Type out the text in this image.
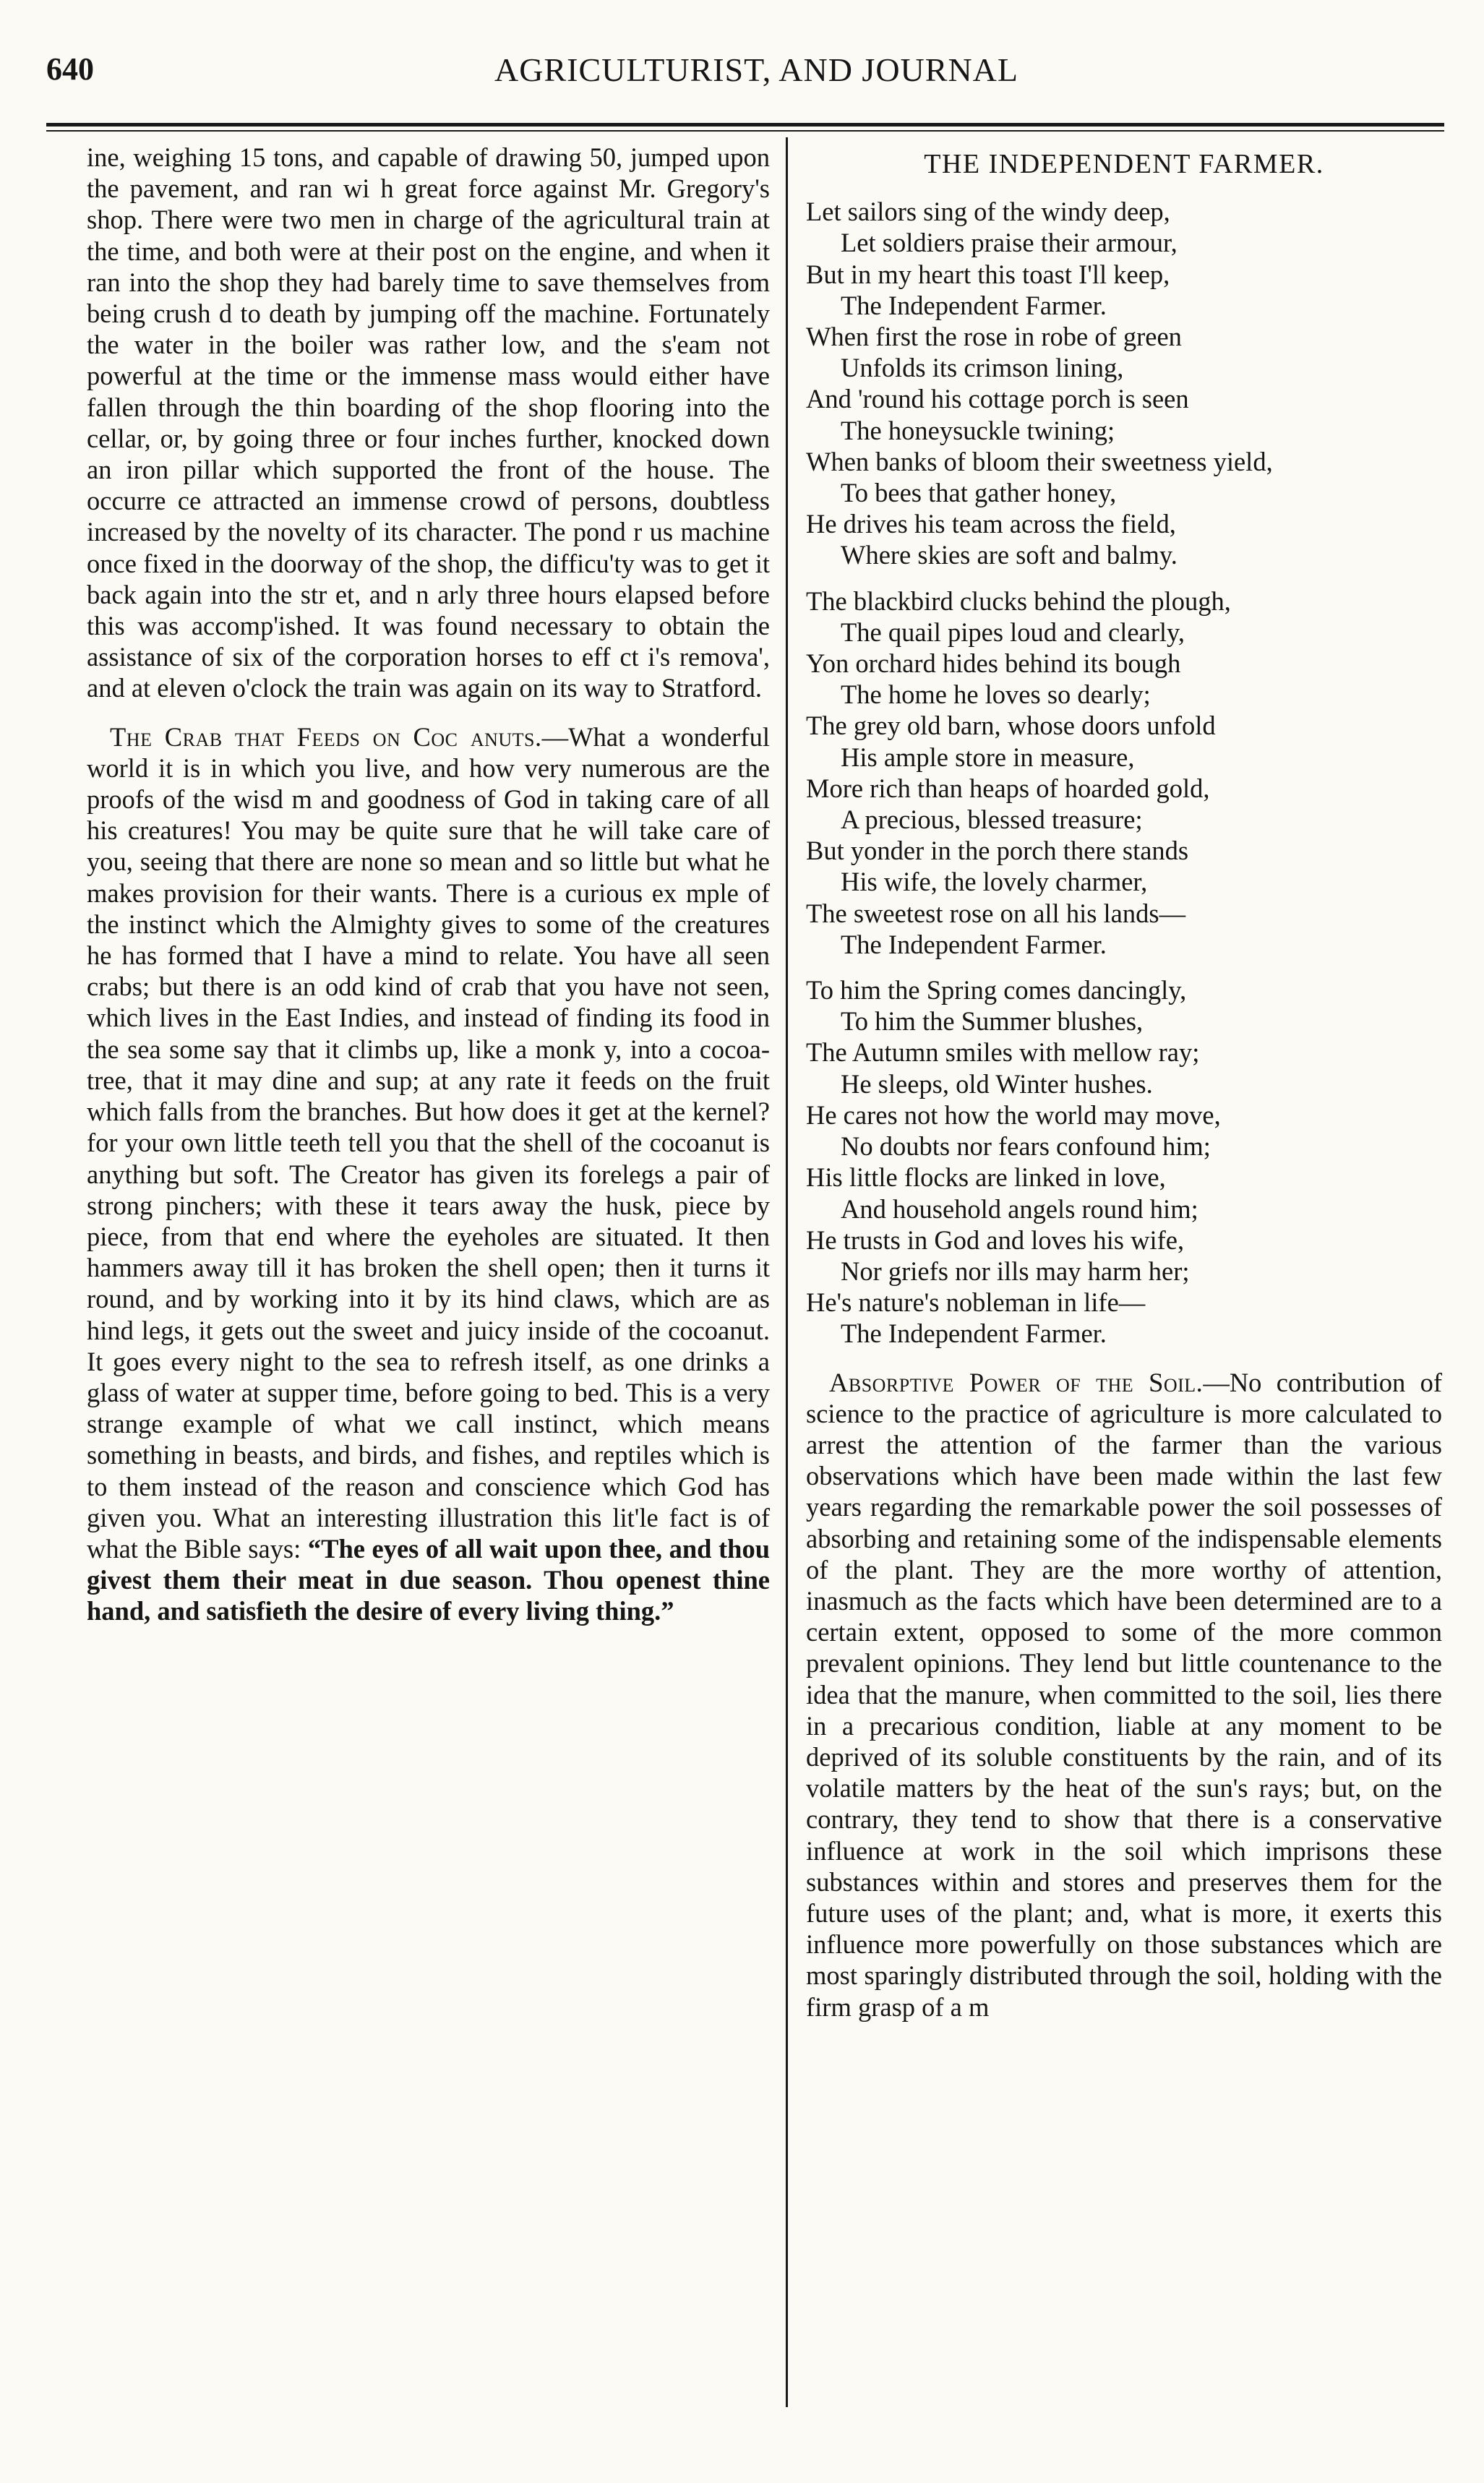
640	AGRICULTURIST, AND JOURNAL

ine, weighing 15 tons, and capable of drawing 50, jumped upon the pavement, and ran wi h great force against Mr. Gregory's shop. There were two men in charge of the agricultural train at the time, and both were at their post on the engine, and when it ran into the shop they had barely time to save themselves from being crush d to death by jumping off the machine. Fortunately the water in the boiler was rather low, and the s'eam not powerful at the time or the immense mass would either have fallen through the thin boarding of the shop flooring into the cellar, or, by going three or four inches further, knocked down an iron pillar which supported the front of the house. The occurre ce attracted an immense crowd of persons, doubtless increased by the novelty of its character. The pond r us machine once fixed in the doorway of the shop, the difficu'ty was to get it back again into the str et, and n arly three hours elapsed before this was accomp'ished. It was found necessary to obtain the assistance of six of the corporation horses to eff ct i's remova', and at eleven o'clock the train was again on its way to Stratford.

The Crab that Feeds on Coc anuts.—What a wonderful world it is in which you live, and how very numerous are the proofs of the wisd m and goodness of God in taking care of all his creatures! You may be quite sure that he will take care of you, seeing that there are none so mean and so little but what he makes provision for their wants. There is a curious ex mple of the instinct which the Almighty gives to some of the creatures he has formed that I have a mind to relate. You have all seen crabs; but there is an odd kind of crab that you have not seen, which lives in the East Indies, and instead of finding its food in the sea some say that it climbs up, like a monk y, into a cocoa-tree, that it may dine and sup; at any rate it feeds on the fruit which falls from the branches. But how does it get at the kernel? for your own little teeth tell you that the shell of the cocoanut is anything but soft. The Creator has given its forelegs a pair of strong pinchers; with these it tears away the husk, piece by piece, from that end where the eyeholes are situated. It then hammers away till it has broken the shell open; then it turns it round, and by working into it by its hind claws, which are as hind legs, it gets out the sweet and juicy inside of the cocoanut. It goes every night to the sea to refresh itself, as one drinks a glass of water at supper time, before going to bed. This is a very strange example of what we call instinct, which means something in beasts, and birds, and fishes, and reptiles which is to them instead of the reason and conscience which God has given you. What an interesting illustration this lit'le fact is of what the Bible says: “The eyes of all wait upon thee, and thou givest them their meat in due season. Thou openest thine hand, and satisfieth the desire of every living thing.”

THE INDEPENDENT FARMER.
Let sailors sing of the windy deep,
Let soldiers praise their armour,
But in my heart this toast I'll keep,
The Independent Farmer.
When first the rose in robe of green
Unfolds its crimson lining,
And 'round his cottage porch is seen
The honeysuckle twining;
When banks of bloom their sweetness yield,
To bees that gather honey,
He drives his team across the field,
Where skies are soft and balmy.
The blackbird clucks behind the plough,
The quail pipes loud and clearly,
Yon orchard hides behind its bough
The home he loves so dearly;
The grey old barn, whose doors unfold
His ample store in measure,
More rich than heaps of hoarded gold,
A precious, blessed treasure;
But yonder in the porch there stands
His wife, the lovely charmer,
The sweetest rose on all his lands—
The Independent Farmer.
To him the Spring comes dancingly,
To him the Summer blushes,
The Autumn smiles with mellow ray;
He sleeps, old Winter hushes.
He cares not how the world may move,
No doubts nor fears confound him;
His little flocks are linked in love,
And household angels round him;
He trusts in God and loves his wife,
Nor griefs nor ills may harm her;
He's nature's nobleman in life—
The Independent Farmer.

Absorptive Power of the Soil.—No contribution of science to the practice of agriculture is more calculated to arrest the attention of the farmer than the various observations which have been made within the last few years regarding the remarkable power the soil possesses of absorbing and retaining some of the indispensable elements of the plant. They are the more worthy of attention, inasmuch as the facts which have been determined are to a certain extent, opposed to some of the more common prevalent opinions. They lend but little countenance to the idea that the manure, when committed to the soil, lies there in a precarious condition, liable at any moment to be deprived of its soluble constituents by the rain, and of its volatile matters by the heat of the sun's rays; but, on the contrary, they tend to show that there is a conservative influence at work in the soil which imprisons these substances within and stores and preserves them for the future uses of the plant; and, what is more, it exerts this influence more powerfully on those substances which are most sparingly distributed through the soil, holding with the firm grasp of a m
